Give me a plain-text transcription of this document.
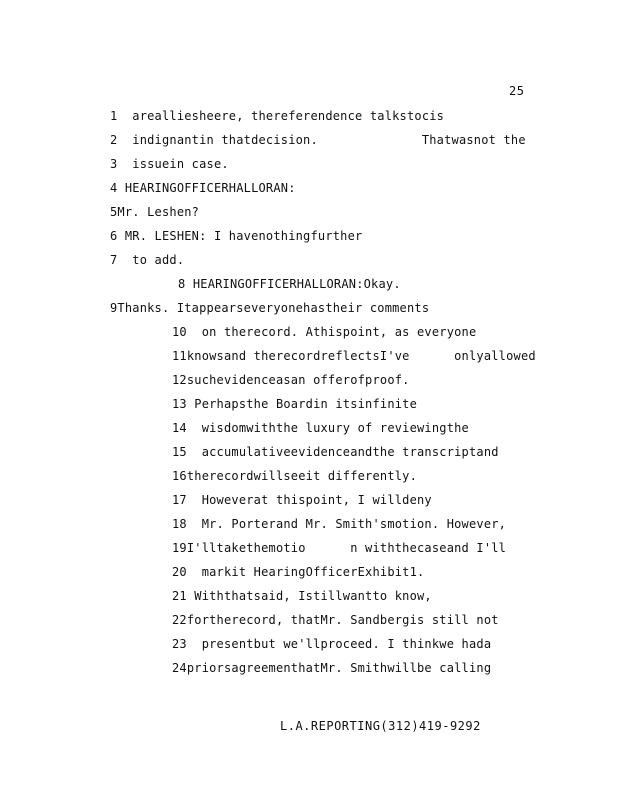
25
1  arealliesheere, thereferendence talkstocis
2  indignantin thatdecision.              Thatwasnot the
3  issuein case.
4 HEARINGOFFICERHALLORAN:
5Mr. Leshen?
6 MR. LESHEN: I havenothingfurther
7  to add.
8 HEARINGOFFICERHALLORAN:Okay.
9Thanks. Itappearseveryonehastheir comments
10  on therecord. Athispoint, as everyone
11knowsand therecordreflectsI've      onlyallowed
12suchevidenceasan offerofproof.
13 Perhapsthe Boardin itsinfinite
14  wisdomwiththe luxury of reviewingthe
15  accumulativeevidenceandthe transcriptand
16therecordwillseeit differently.
17  Howeverat thispoint, I willdeny
18  Mr. Porterand Mr. Smith'smotion. However,
19I'lltakethemotio      n withthecaseand I'll
20  markit HearingOfficerExhibit1.
21 Withthatsaid, Istillwantto know,
22fortherecord, thatMr. Sandbergis still not
23  presentbut we'llproceed. I thinkwe hada
24priorsagreementhatMr. Smithwillbe calling
L.A.REPORTING(312)419-9292
